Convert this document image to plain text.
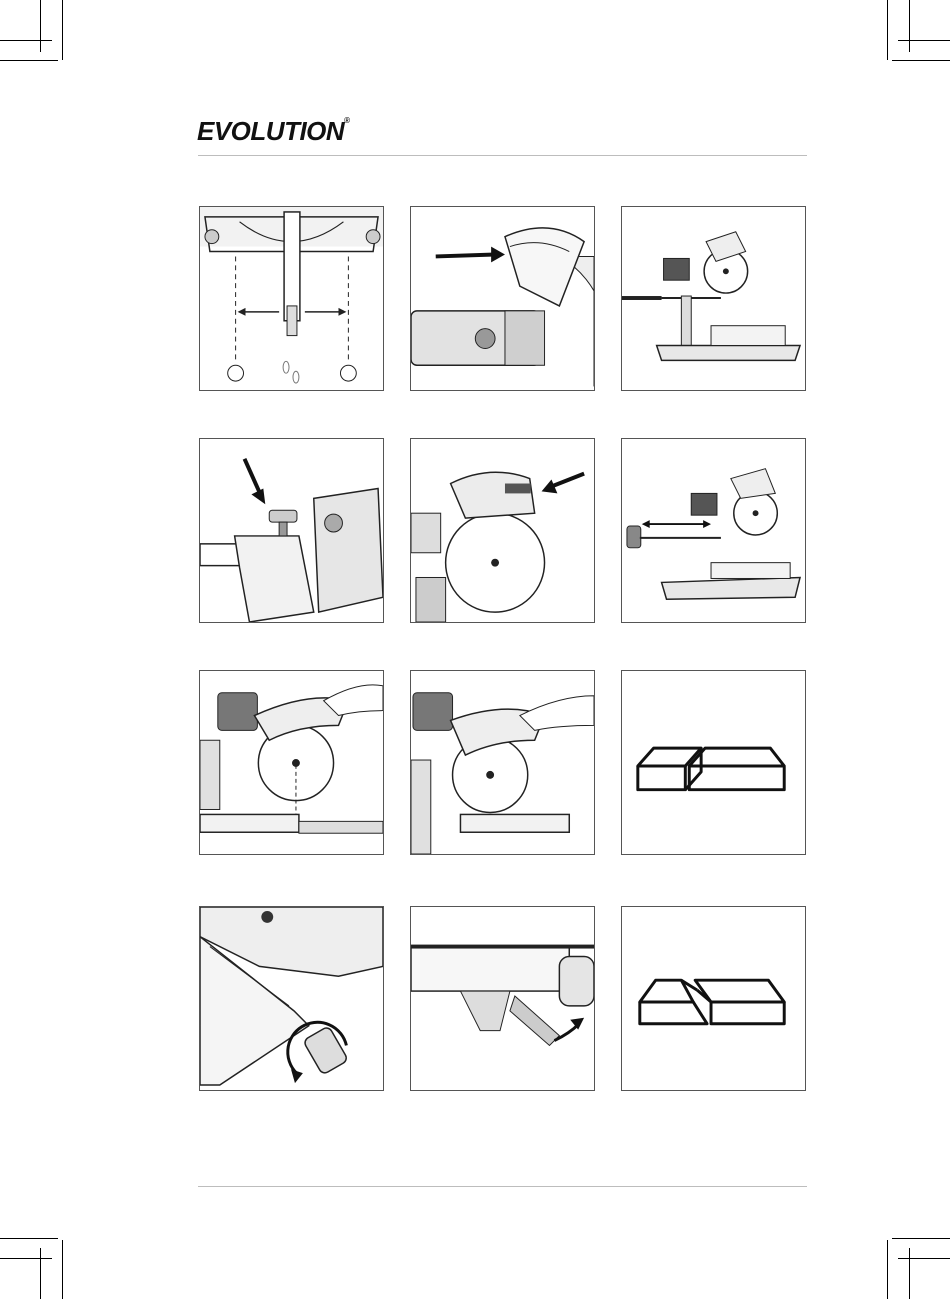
EVOLUTION®
